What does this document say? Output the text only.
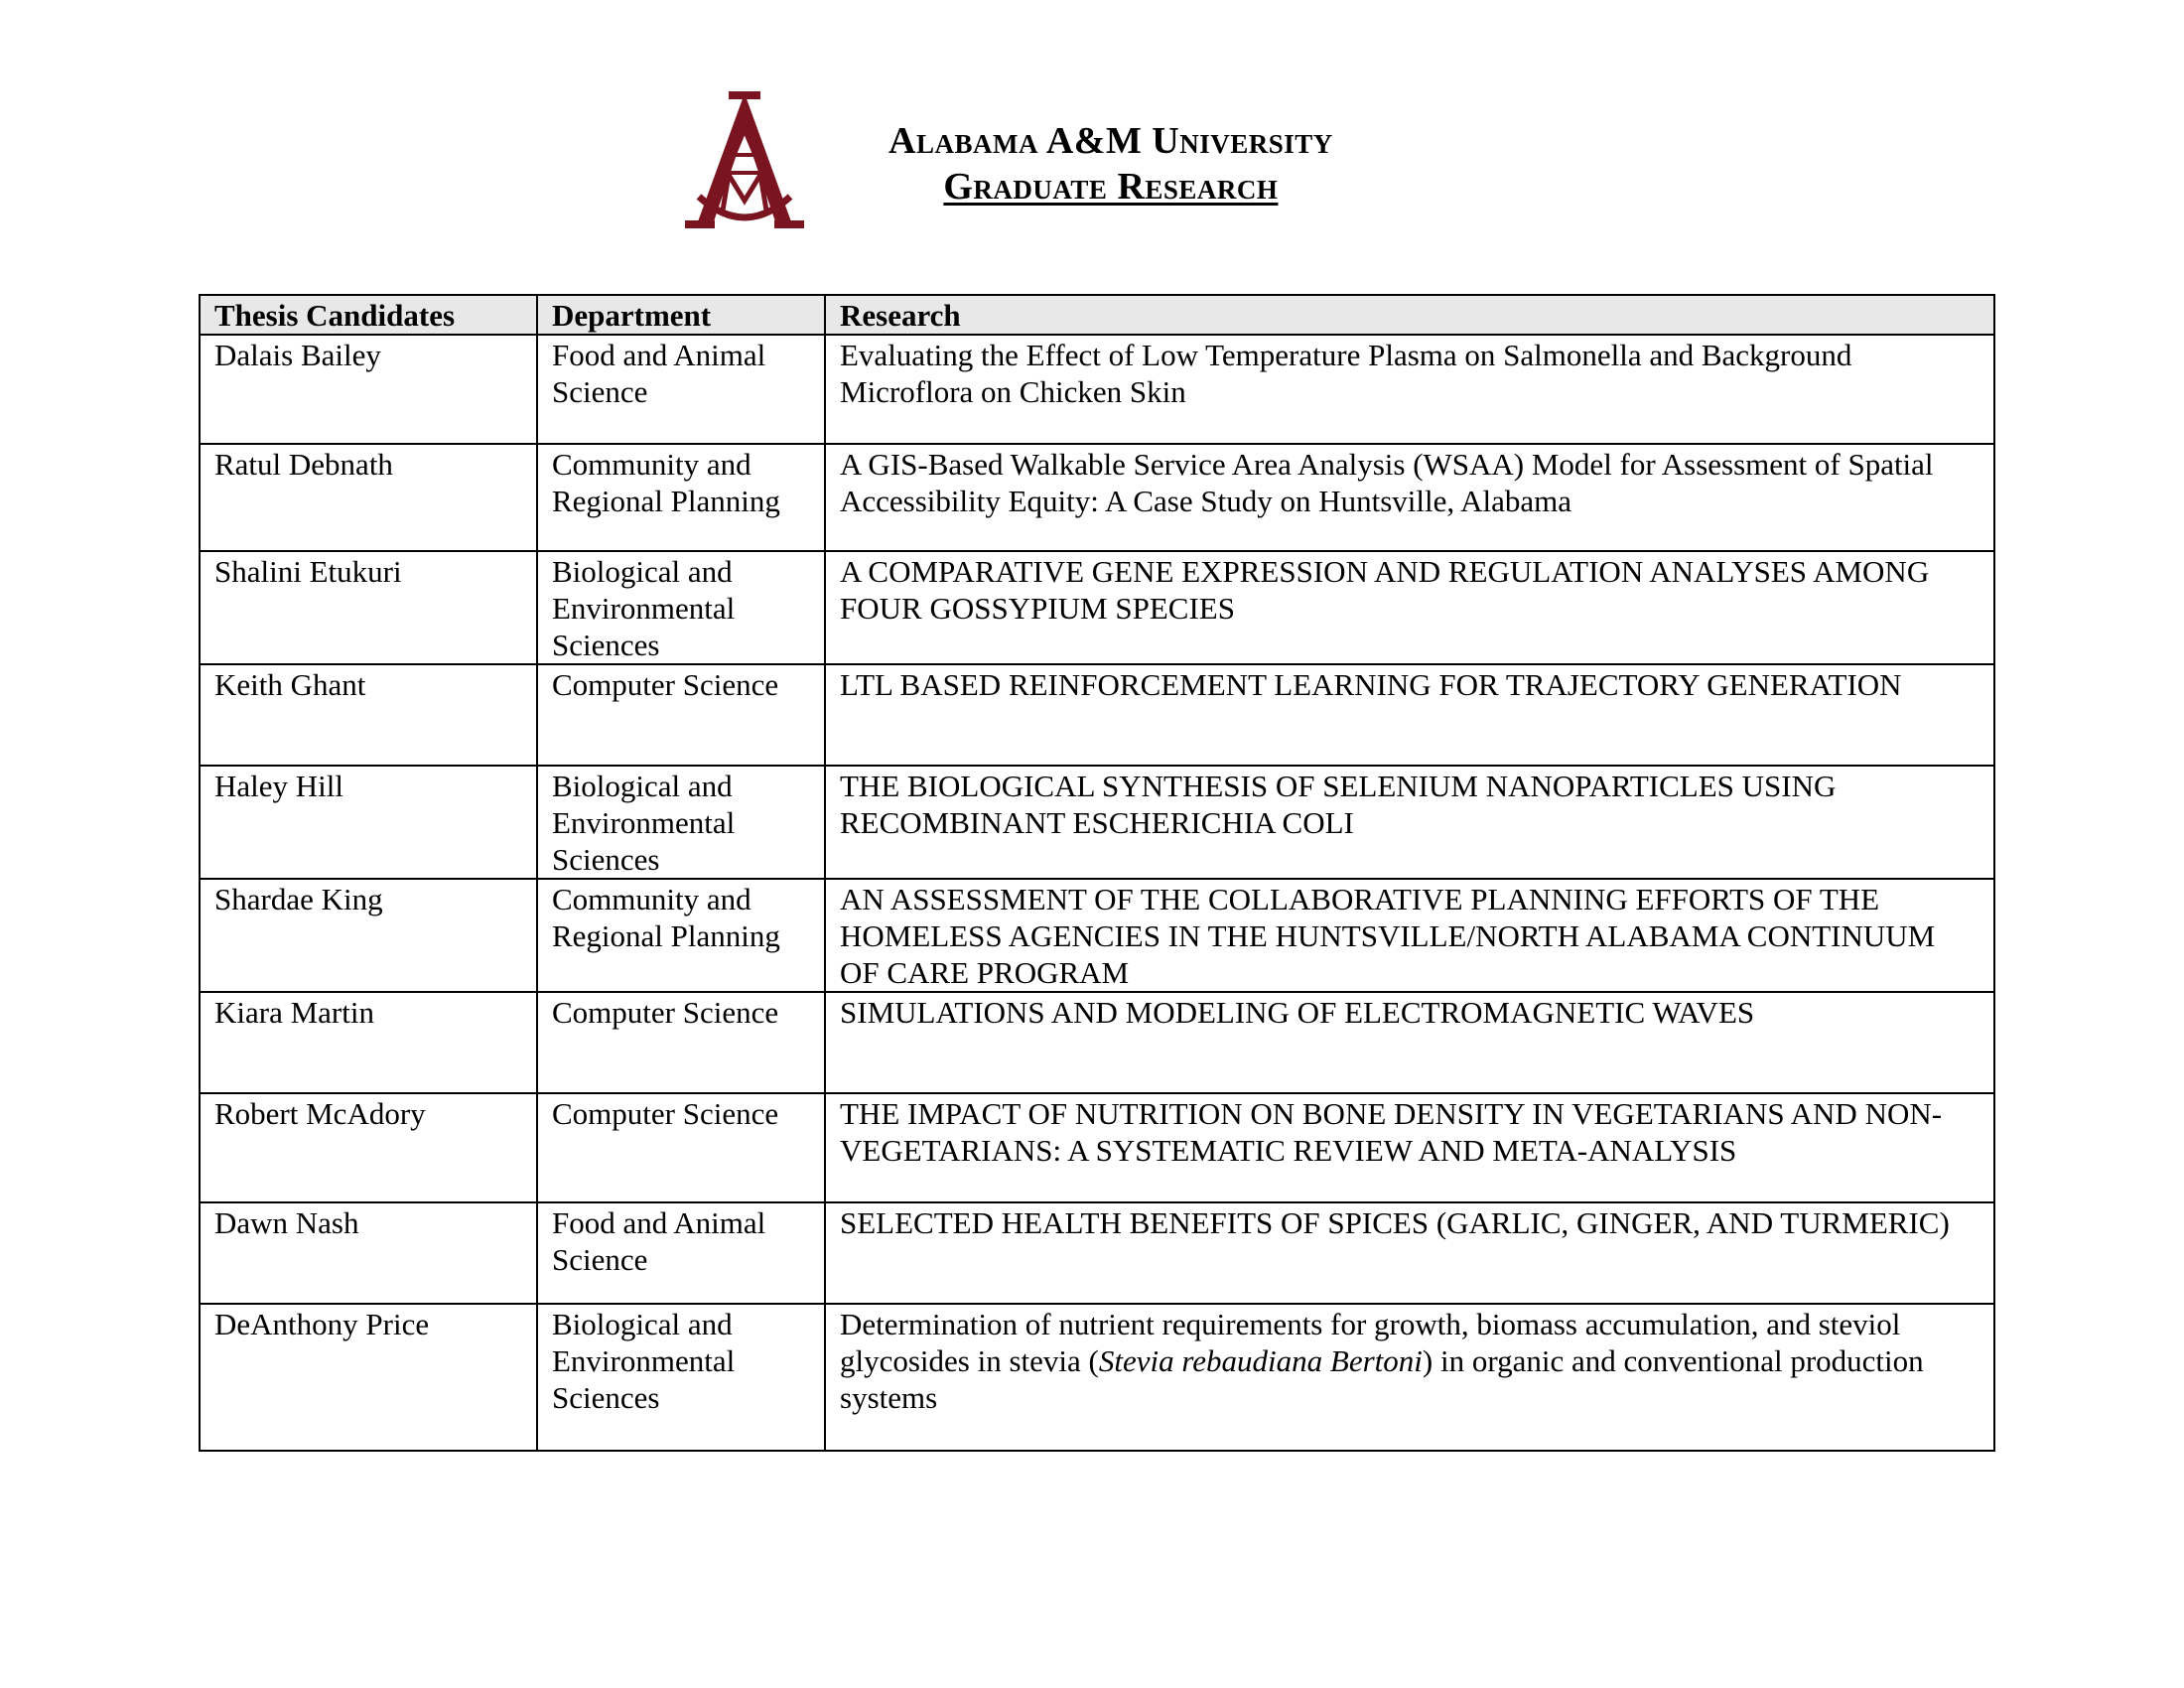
Alabama A&M University
Graduate Research
Thesis Candidates	Department	Research
Dalais Bailey	Food and Animal Science	Evaluating the Effect of Low Temperature Plasma on Salmonella and Background Microflora on Chicken Skin
Ratul Debnath	Community and Regional Planning	A GIS-Based Walkable Service Area Analysis (WSAA) Model for Assessment of Spatial Accessibility Equity: A Case Study on Huntsville, Alabama
Shalini Etukuri	Biological and Environmental Sciences	A COMPARATIVE GENE EXPRESSION AND REGULATION ANALYSES AMONG FOUR GOSSYPIUM SPECIES
Keith Ghant	Computer Science	LTL BASED REINFORCEMENT LEARNING FOR TRAJECTORY GENERATION
Haley Hill	Biological and Environmental Sciences	THE BIOLOGICAL SYNTHESIS OF SELENIUM NANOPARTICLES USING RECOMBINANT ESCHERICHIA COLI
Shardae King	Community and Regional Planning	AN ASSESSMENT OF THE COLLABORATIVE PLANNING EFFORTS OF THE HOMELESS AGENCIES IN THE HUNTSVILLE/NORTH ALABAMA CONTINUUM OF CARE PROGRAM
Kiara Martin	Computer Science	SIMULATIONS AND MODELING OF ELECTROMAGNETIC WAVES
Robert McAdory	Computer Science	THE IMPACT OF NUTRITION ON BONE DENSITY IN VEGETARIANS AND NON-VEGETARIANS: A SYSTEMATIC REVIEW AND META-ANALYSIS
Dawn Nash	Food and Animal Science	SELECTED HEALTH BENEFITS OF SPICES (GARLIC, GINGER, AND TURMERIC)
DeAnthony Price	Biological and Environmental Sciences	Determination of nutrient requirements for growth, biomass accumulation, and steviol glycosides in stevia (Stevia rebaudiana Bertoni) in organic and conventional production systems
